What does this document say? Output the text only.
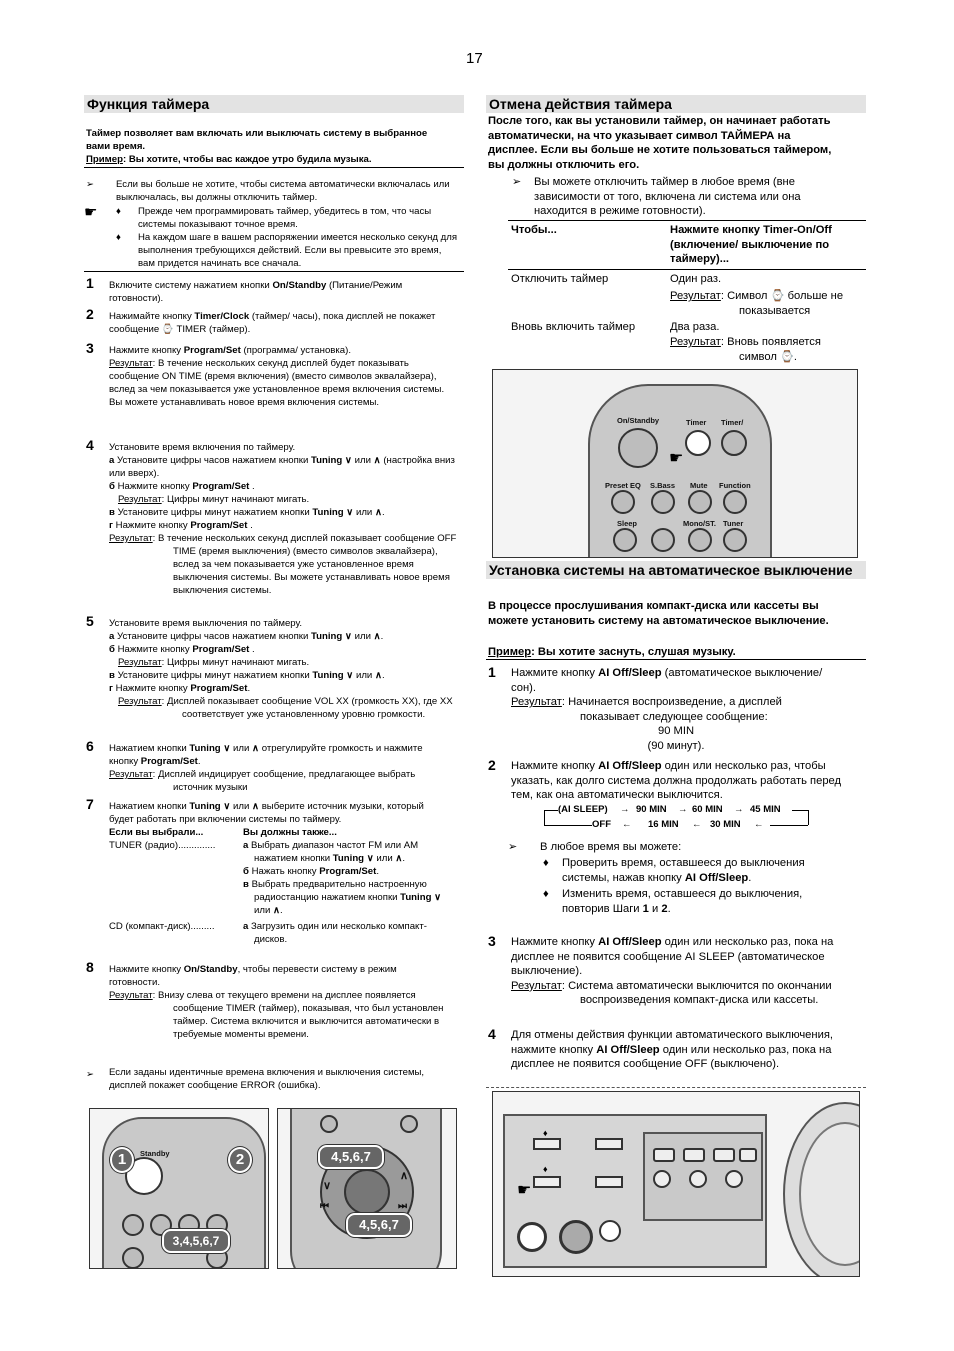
17
Функция таймера
Таймер позволяет вам включать или выключать систему в выбранное вами время.
Пример: Вы хотите, чтобы вас каждое утро будила музыка.
➢ Если вы больше не хотите, чтобы система автоматически включалась или выключалась, вы должны отключить таймер.
☛ ♦ Прежде чем программировать таймер, убедитесь в том, что часы системы показывают точное время.
♦ На каждом шаге в вашем распоряжении имеется несколько секунд для выполнения требующихся действий. Если вы превысите это время, вам придется начинать все сначала.
1 Включите систему нажатием кнопки On/Standby (Питание/Режим готовности).
2 Нажимайте кнопку Timer/Clock (таймер/ часы), пока дисплей не покажет сообщение ⌚ TIMER (таймер).
3 Нажмите кнопку Program/Set (программа/ установка).
Результат: В течение нескольких секунд дисплей будет показывать сообщение ON TIME (время включения) (вместо символов эквалайзера), вслед за чем показывается уже установленное время включения системы. Вы можете устанавливать новое время включения системы.
4 Установите время включения по таймеру.
а Установите цифры часов нажатием кнопки Tuning ∨ или ∧ (настройка вниз или вверх).
б Нажмите кнопку Program/Set .
Результат: Цифры минут начинают мигать.
в Установите цифры минут нажатием кнопки Tuning ∨ или ∧.
г Нажмите кнопку Program/Set .
Результат: В течение нескольких секунд дисплей показывает сообщение OFF TIME (время выключения) (вместо символов эквалайзера), вслед за чем показывается уже установленное время выключения системы. Вы можете устанавливать новое время выключения системы.
5 Установите время выключения по таймеру.
а Установите цифры часов нажатием кнопки Tuning ∨ или ∧.
б Нажмите кнопку Program/Set .
Результат: Цифры минут начинают мигать.
в Установите цифры минут нажатием кнопки Tuning ∨ или ∧.
г Нажмите кнопку Program/Set.
Результат: Дисплей показывает сообщение VOL XX (громкость XX), где XX соответствует уже установленному уровню громкости.
6 Нажатием кнопки Tuning ∨ или ∧ отрегулируйте громкость и нажмите кнопку Program/Set.
Результат: Дисплей индицирует сообщение, предлагающее выбрать источник музыки
7 Нажатием кнопки Tuning ∨ или ∧ выберите источник музыки, который будет работать при включении системы по таймеру.
Если вы выбрали...	Вы должны также...
TUNER (радио)..............	а Выбрать диапазон частот FM или AM нажатием кнопки Tuning ∨ или ∧.
б Нажать кнопку Program/Set.
в Выбрать предварительно настроенную радиостанцию нажатием кнопки Tuning ∨ или ∧.
CD (компакт-диск).........	а Загрузить один или несколько компакт-дисков.
8 Нажмите кнопку On/Standby, чтобы перевести систему в режим готовности.
Результат: Внизу слева от текущего времени на дисплее появляется сообщение TIMER (таймер), показывая, что был установлен таймер. Система включится и выключится автоматически в требуемые моменты времени.
➢ Если заданы идентичные времена включения и выключения системы, дисплей покажет сообщение ERROR (ошибка).
Standby
1	2
3,4,5,6,7
∨
∧
⏮	⏭
4,5,6,7
4,5,6,7
Отмена действия таймера
После того, как вы установили таймер, он начинает работать автоматически, на что указывает символ ТАЙМЕРА на дисплее. Если вы больше не хотите пользоваться таймером, вы должны отключить его.
➢ Вы можете отключить таймер в любое время (вне зависимости от того, включена ли система или она находится в режиме готовности).
Чтобы...	Нажмите кнопку Timer-On/Off (включение/ выключение по таймеру)...
Отключить таймер	Один раз.
Результат: Символ ⌚ больше не показывается
Вновь включить таймер	Два раза.
Результат: Вновь появляется символ ⌚.
On/Standby	Timer Timer/
☛
Preset EQ S.Bass Mute Function
Sleep	Mono/ST. Tuner
Установка системы на автоматическое выключение
В процессе прослушивания компакт-диска или кассеты вы можете установить систему на автоматическое выключение.
Пример: Вы хотите заснуть, слушая музыку.
1 Нажмите кнопку AI Off/Sleep (автоматическое выключение/ сон).
Результат: Начинается воспроизведение, а дисплей показывает следующее сообщение:
90 MIN
(90 минут).
2 Нажмите кнопку AI Off/Sleep один или несколько раз, чтобы указать, как долго система должна продолжать работать перед тем, как она автоматически выключится.
(AI SLEEP) → 90 MIN → 60 MIN → 45 MIN
OFF ← 16 MIN ← 30 MIN ←
➢ В любое время вы можете:
♦ Проверить время, оставшееся до выключения системы, нажав кнопку AI Off/Sleep.
♦ Изменить время, оставшееся до выключения, повторив Шаги 1 и 2.
3 Нажмите кнопку AI Off/Sleep один или несколько раз, пока на дисплее не появится сообщение AI SLEEP (автоматическое выключение).
Результат: Система автоматически выключится по окончании воспроизведения компакт-диска или кассеты.
4 Для отмены действия функции автоматического выключения, нажмите кнопку AI Off/Sleep один или несколько раз, пока на дисплее не появится сообщение OFF (выключено).
♦
♦
☛
